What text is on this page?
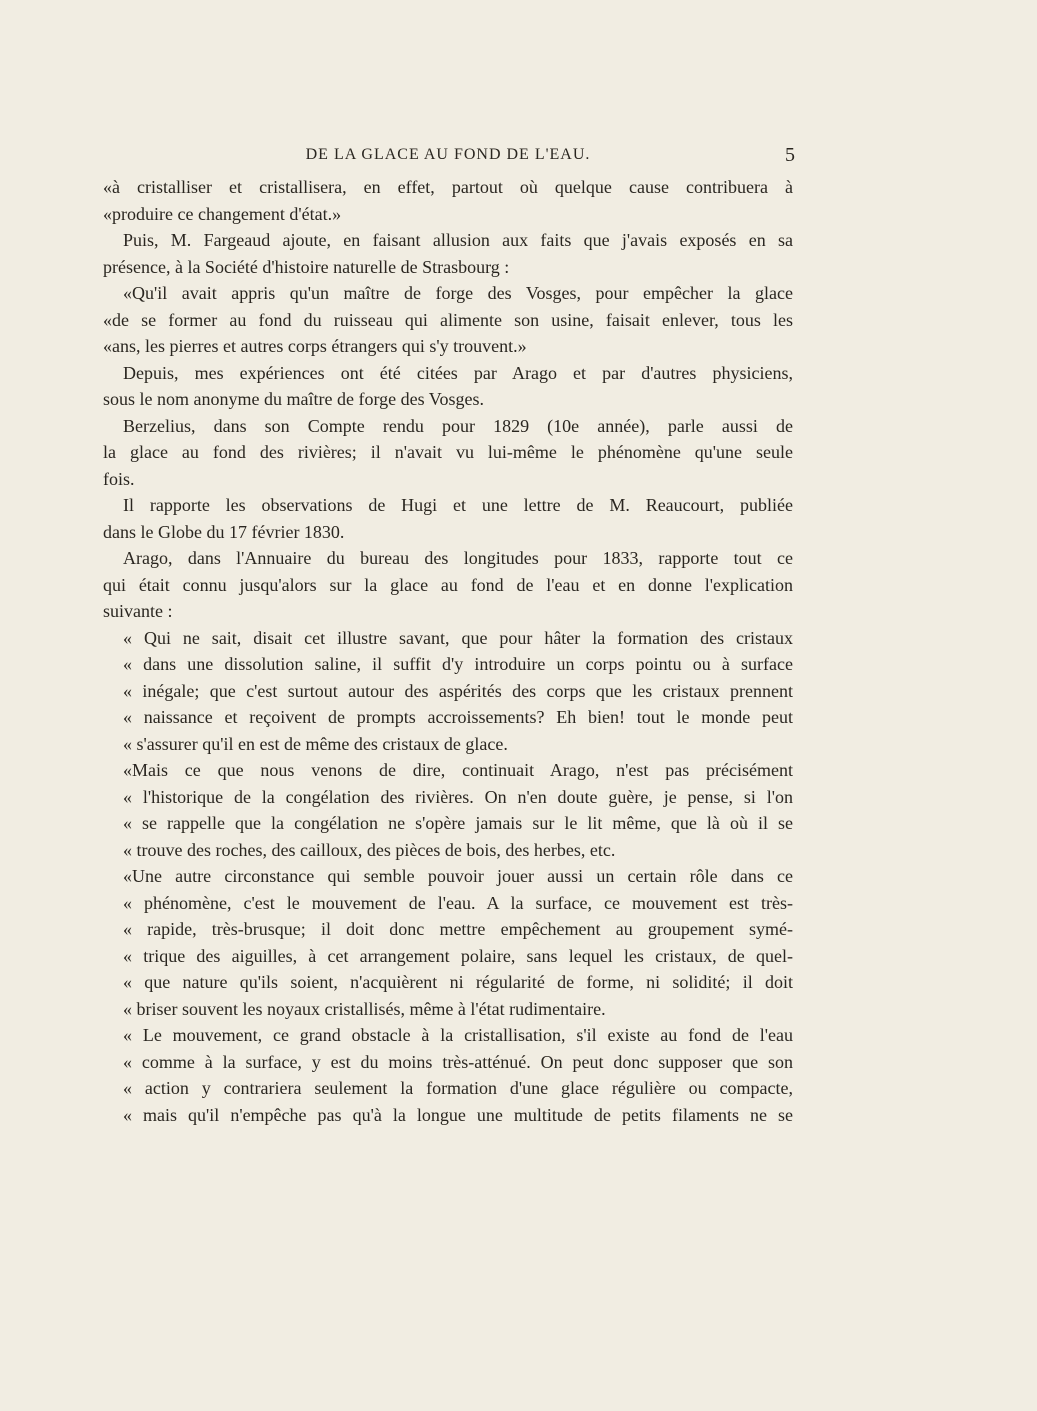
DE LA GLACE AU FOND DE L'EAU.	5
«à cristalliser et cristallisera, en effet, partout où quelque cause contribuera à
«produire ce changement d'état.»
Puis, M. Fargeaud ajoute, en faisant allusion aux faits que j'avais exposés en sa
présence, à la Société d'histoire naturelle de Strasbourg :
«Qu'il avait appris qu'un maître de forge des Vosges, pour empêcher la glace
«de se former au fond du ruisseau qui alimente son usine, faisait enlever, tous les
«ans, les pierres et autres corps étrangers qui s'y trouvent.»
Depuis, mes expériences ont été citées par Arago et par d'autres physiciens,
sous le nom anonyme du maître de forge des Vosges.
Berzelius, dans son Compte rendu pour 1829 (10e année), parle aussi de
la glace au fond des rivières; il n'avait vu lui-même le phénomène qu'une seule
fois.
Il rapporte les observations de Hugi et une lettre de M. Reaucourt, publiée
dans le Globe du 17 février 1830.
Arago, dans l'Annuaire du bureau des longitudes pour 1833, rapporte tout ce
qui était connu jusqu'alors sur la glace au fond de l'eau et en donne l'explication
suivante :
« Qui ne sait, disait cet illustre savant, que pour hâter la formation des cristaux
« dans une dissolution saline, il suffit d'y introduire un corps pointu ou à surface
« inégale; que c'est surtout autour des aspérités des corps que les cristaux prennent
« naissance et reçoivent de prompts accroissements? Eh bien! tout le monde peut
« s'assurer qu'il en est de même des cristaux de glace.
«Mais ce que nous venons de dire, continuait Arago, n'est pas précisément
« l'historique de la congélation des rivières. On n'en doute guère, je pense, si l'on
« se rappelle que la congélation ne s'opère jamais sur le lit même, que là où il se
« trouve des roches, des cailloux, des pièces de bois, des herbes, etc.
«Une autre circonstance qui semble pouvoir jouer aussi un certain rôle dans ce
« phénomène, c'est le mouvement de l'eau. A la surface, ce mouvement est très-
« rapide, très-brusque; il doit donc mettre empêchement au groupement symé-
« trique des aiguilles, à cet arrangement polaire, sans lequel les cristaux, de quel-
« que nature qu'ils soient, n'acquièrent ni régularité de forme, ni solidité; il doit
« briser souvent les noyaux cristallisés, même à l'état rudimentaire.
« Le mouvement, ce grand obstacle à la cristallisation, s'il existe au fond de l'eau
« comme à la surface, y est du moins très-atténué. On peut donc supposer que son
« action y contrariera seulement la formation d'une glace régulière ou compacte,
« mais qu'il n'empêche pas qu'à la longue une multitude de petits filaments ne se
